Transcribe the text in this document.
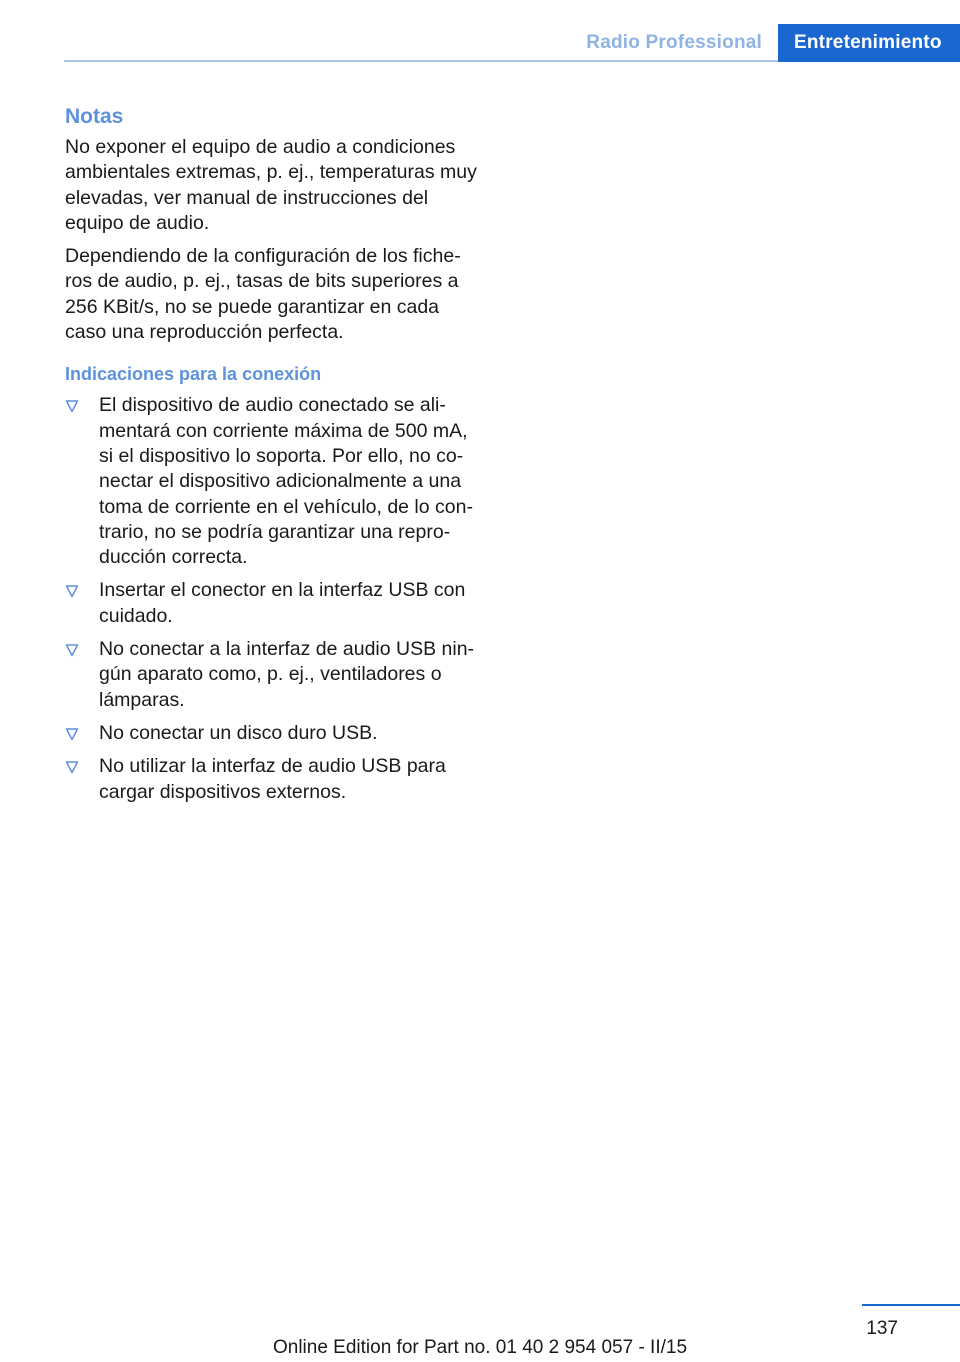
Radio Professional	Entretenimiento
Notas

No exponer el equipo de audio a condiciones ambientales extremas, p. ej., temperaturas muy elevadas, ver manual de instrucciones del equipo de audio.

Dependiendo de la configuración de los fiche‐ros de audio, p. ej., tasas de bits superiores a 256 KBit/s, no se puede garantizar en cada caso una reproducción perfecta.

Indicaciones para la conexión
El dispositivo de audio conectado se ali‐mentará con corriente máxima de 500 mA, si el dispositivo lo soporta. Por ello, no co‐nectar el dispositivo adicionalmente a una toma de corriente en el vehículo, de lo con‐trario, no se podría garantizar una repro‐ducción correcta.
Insertar el conector en la interfaz USB con cuidado.
No conectar a la interfaz de audio USB nin‐gún aparato como, p. ej., ventiladores o lámparas.
No conectar un disco duro USB.
No utilizar la interfaz de audio USB para cargar dispositivos externos.
137
Online Edition for Part no. 01 40 2 954 057 - II/15
